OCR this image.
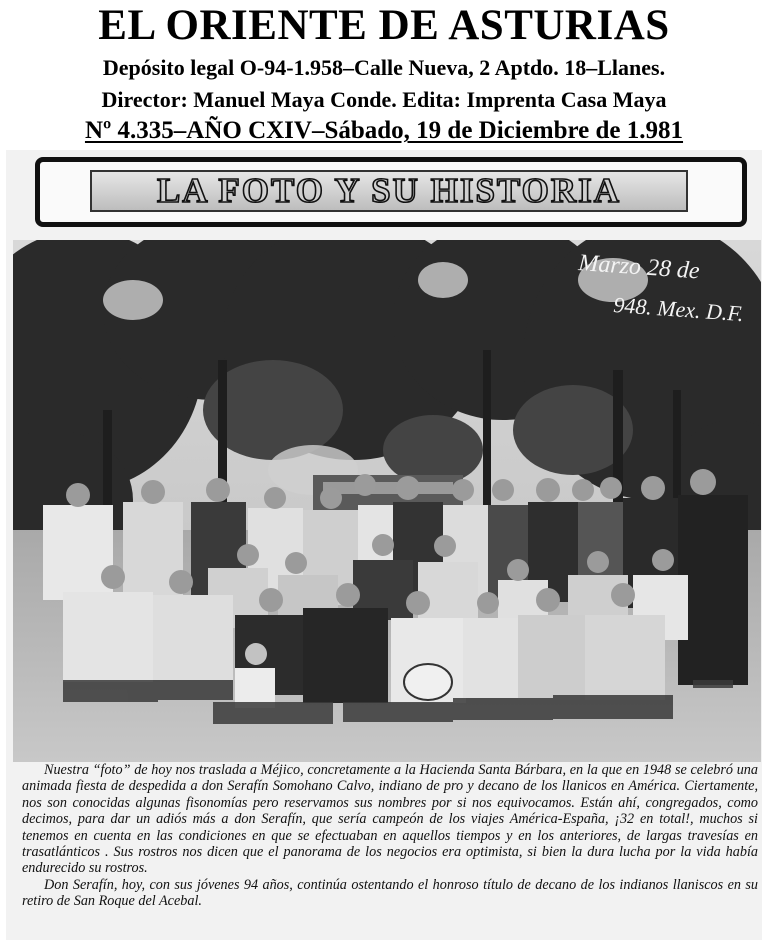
EL ORIENTE DE ASTURIAS
Depósito legal O-94-1.958–Calle Nueva, 2 Aptdo. 18–Llanes.
Director: Manuel Maya Conde. Edita: Imprenta Casa Maya
Nº 4.335–AÑO CXIV–Sábado, 19 de Diciembre de 1.981
LA FOTO Y SU HISTORIA
Marzo 28 de
948. Mex. D.F.

Nuestra “foto” de hoy nos traslada a Méjico, concretamente a la Hacienda Santa Bárbara, en la que en 1948 se celebró una animada fiesta de despedida a don Serafín Somohano Calvo, indiano de pro y decano de los llanicos en América. Ciertamente, nos son conocidas algunas fisonomías pero reservamos sus nombres por si nos equivocamos. Están ahí, congregados, como decimos, para dar un adiós más a don Serafín, que sería campeón de los viajes América-España, ¡32 en total!, muchos si tenemos en cuenta en las condiciones en que se efectuaban en aquellos tiempos y en los anteriores, de largas travesías en trasatlánticos . Sus rostros nos dicen que el panorama de los negocios era optimista, si bien la dura lucha por la vida había endurecido su rostros.

Don Serafín, hoy, con sus jóvenes 94 años, continúa ostentando el honroso título de decano de los indianos llaniscos en su retiro de San Roque del Acebal.
